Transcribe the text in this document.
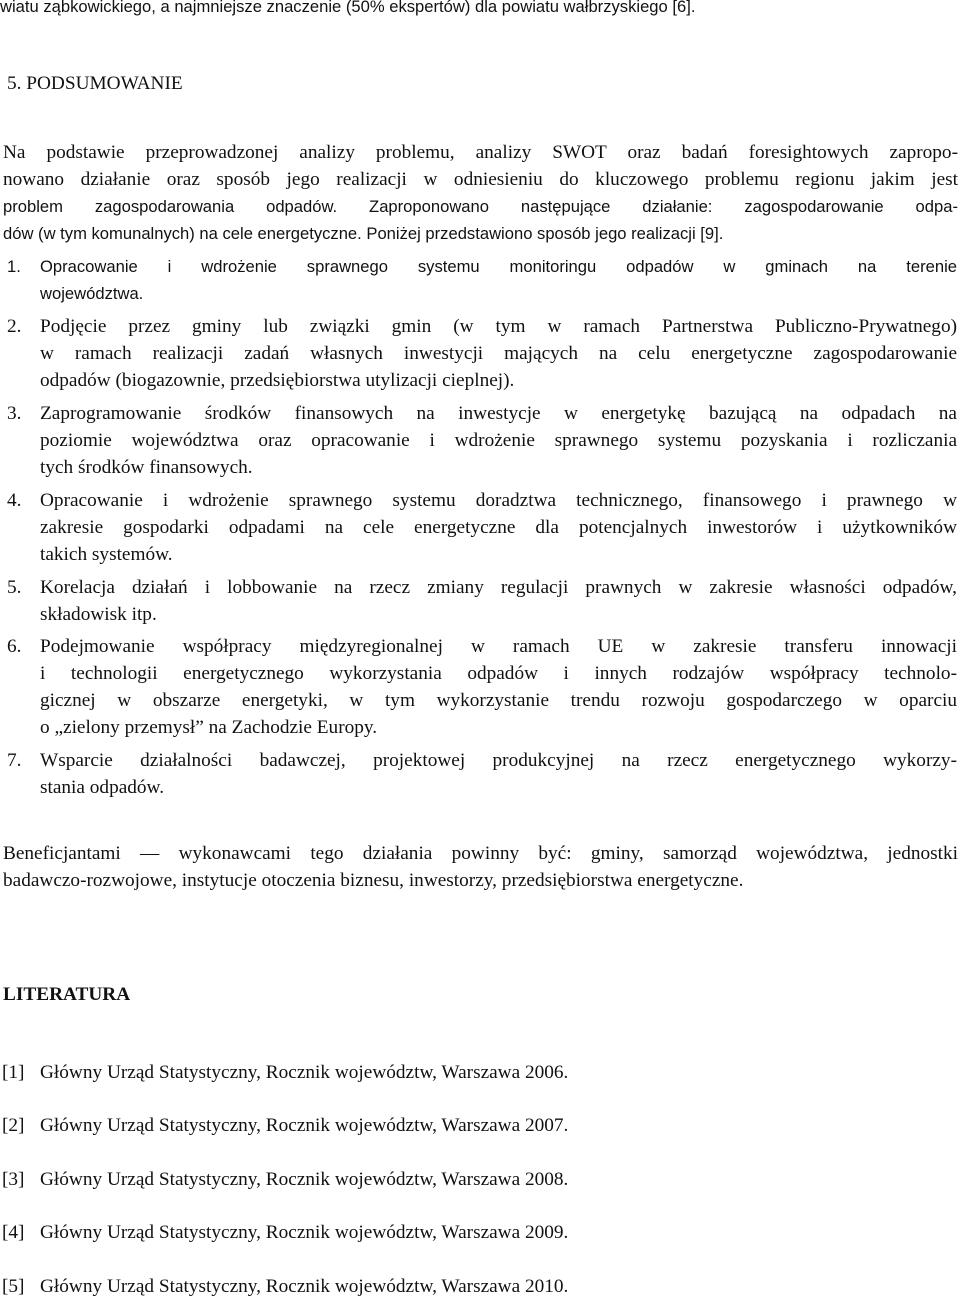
wiatu ząbkowickiego, a najmniejsze znaczenie (50% ekspertów) dla powiatu wałbrzyskiego [6].
5. PODSUMOWANIE
Na podstawie przeprowadzonej analizy problemu, analizy SWOT oraz badań foresightowych zapropo-
nowano działanie oraz sposób jego realizacji w odniesieniu do kluczowego problemu regionu jakim jest
problem zagospodarowania odpadów. Zaproponowano następujące działanie: zagospodarowanie odpa-
dów (w tym komunalnych) na cele energetyczne. Poniżej przedstawiono sposób jego realizacji [9].
1.	Opracowanie i wdrożenie sprawnego systemu monitoringu odpadów w gminach na terenie
województwa.
2. Podjęcie przez gminy lub związki gmin (w tym w ramach Partnerstwa Publiczno-Prywatnego)
w ramach realizacji zadań własnych inwestycji mających na celu energetyczne zagospodarowanie
odpadów (biogazownie, przedsiębiorstwa utylizacji cieplnej).
3. Zaprogramowanie środków finansowych na inwestycje w energetykę bazującą na odpadach na
poziomie województwa oraz opracowanie i wdrożenie sprawnego systemu pozyskania i rozliczania
tych środków finansowych.
4. Opracowanie i wdrożenie sprawnego systemu doradztwa technicznego, finansowego i prawnego w
zakresie gospodarki odpadami na cele energetyczne dla potencjalnych inwestorów i użytkowników
takich systemów.
5. Korelacja działań i lobbowanie na rzecz zmiany regulacji prawnych w zakresie własności odpadów,
składowisk itp.
6. Podejmowanie współpracy międzyregionalnej w ramach UE w zakresie transferu innowacji
i technologii energetycznego wykorzystania odpadów i innych rodzajów współpracy technolo-
gicznej w obszarze energetyki, w tym wykorzystanie trendu rozwoju gospodarczego w oparciu
o „zielony przemysł” na Zachodzie Europy.
7. Wsparcie działalności badawczej, projektowej produkcyjnej na rzecz energetycznego wykorzy-
stania odpadów.
Beneficjantami — wykonawcami tego działania powinny być: gminy, samorząd województwa, jednostki
badawczo-rozwojowe, instytucje otoczenia biznesu, inwestorzy, przedsiębiorstwa energetyczne.
LITERATURA
[1] Główny Urząd Statystyczny, Rocznik województw, Warszawa 2006.
[2] Główny Urząd Statystyczny, Rocznik województw, Warszawa 2007.
[3] Główny Urząd Statystyczny, Rocznik województw, Warszawa 2008.
[4] Główny Urząd Statystyczny, Rocznik województw, Warszawa 2009.
[5] Główny Urząd Statystyczny, Rocznik województw, Warszawa 2010.
